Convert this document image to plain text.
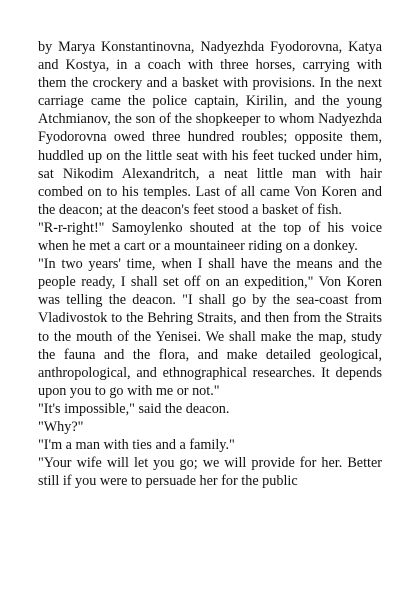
by Marya Konstantinovna, Nadyezhda Fyodorovna, Katya and Kostya, in a coach with three horses, carrying with them the crockery and a basket with provisions. In the next carriage came the police captain, Kirilin, and the young Atchmianov, the son of the shopkeeper to whom Nadyezhda Fyodorovna owed three hundred roubles; opposite them, huddled up on the little seat with his feet tucked under him, sat Nikodim Alexandritch, a neat little man with hair combed on to his temples. Last of all came Von Koren and the deacon; at the deacon's feet stood a basket of fish.

"R-r-right!" Samoylenko shouted at the top of his voice when he met a cart or a mountaineer riding on a donkey.

"In two years' time, when I shall have the means and the people ready, I shall set off on an expedition," Von Koren was telling the deacon. "I shall go by the sea-coast from Vladivostok to the Behring Straits, and then from the Straits to the mouth of the Yenisei. We shall make the map, study the fauna and the flora, and make detailed geological, anthropological, and ethnographical researches. It depends upon you to go with me or not."

"It's impossible," said the deacon.

"Why?"

"I'm a man with ties and a family."

"Your wife will let you go; we will provide for her. Better still if you were to persuade her for the public
